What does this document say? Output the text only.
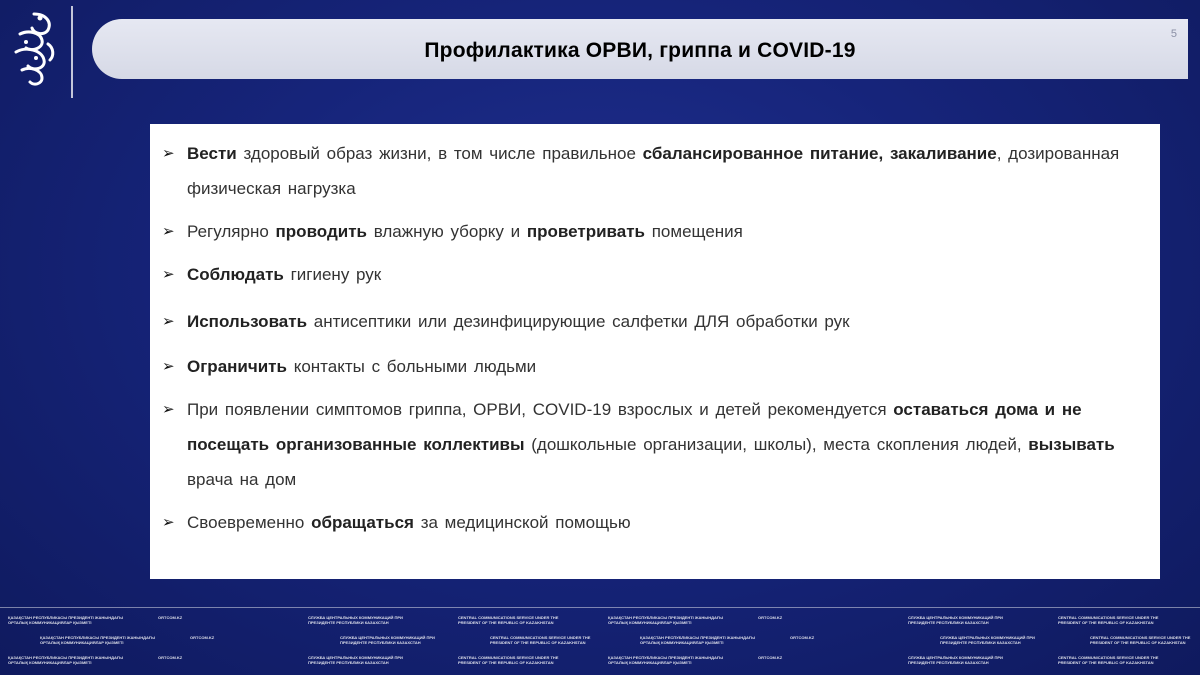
Профилактика ОРВИ, гриппа и COVID-19
5
➢ Вести здоровый образ жизни, в том числе правильное сбалансированное питание, закаливание, дозированная физическая нагрузка
➢ Регулярно проводить влажную уборку и проветривать помещения
➢ Соблюдать гигиену рук
➢ Использовать антисептики или дезинфицирующие салфетки ДЛЯ обработки рук
➢ Ограничить контакты с больными людьми
➢ При появлении симптомов гриппа, ОРВИ, COVID-19 взрослых и детей рекомендуется оставаться дома и не посещать организованные коллективы (дошкольные организации, школы), места скопления людей, вызывать врача на дом
➢ Своевременно обращаться за медицинской помощью
ҚАЗАҚСТАН РЕСПУБЛИКАСЫ ПРЕЗИДЕНТІ ЖАНЫНДАҒЫ ОРТАЛЫҚ КОММУНИКАЦИЯЛАР ҚЫЗМЕТІ
ORTCOM.KZ	СЛУЖБА ЦЕНТРАЛЬНЫХ КОММУНИКАЦИЙ ПРИ ПРЕЗИДЕНТЕ РЕСПУБЛИКИ КАЗАХСТАН
CENTRAL COMMUNICATIONS SERVICE UNDER THE PRESIDENT OF THE REPUBLIC OF KAZAKHSTAN
ҚАЗАҚСТАН РЕСПУБЛИКАСЫ ПРЕЗИДЕНТІ ЖАНЫНДАҒЫ ОРТАЛЫҚ КОММУНИКАЦИЯЛАР ҚЫЗМЕТІ
ORTCOM.KZ	СЛУЖБА ЦЕНТРАЛЬНЫХ КОММУНИКАЦИЙ ПРИ ПРЕЗИДЕНТЕ РЕСПУБЛИКИ КАЗАХСТАН
CENTRAL COMMUNICATIONS SERVICE UNDER THE PRESIDENT OF THE REPUBLIC OF KAZAKHSTAN
ҚАЗАҚСТАН РЕСПУБЛИКАСЫ ПРЕЗИДЕНТІ ЖАНЫНДАҒЫ ОРТАЛЫҚ КОММУНИКАЦИЯЛАР ҚЫЗМЕТІ
ORTCOM.KZ	СЛУЖБА ЦЕНТРАЛЬНЫХ КОММУНИКАЦИЙ ПРИ ПРЕЗИДЕНТЕ РЕСПУБЛИКИ КАЗАХСТАН
CENTRAL COMMUNICATIONS SERVICE UNDER THE PRESIDENT OF THE REPUBLIC OF KAZAKHSTAN
ҚАЗАҚСТАН РЕСПУБЛИКАСЫ ПРЕЗИДЕНТІ ЖАНЫНДАҒЫ ОРТАЛЫҚ КОММУНИКАЦИЯЛАР ҚЫЗМЕТІ
ORTCOM.KZ	СЛУЖБА ЦЕНТРАЛЬНЫХ КОММУНИКАЦИЙ ПРИ ПРЕЗИДЕНТЕ РЕСПУБЛИКИ КАЗАХСТАН
CENTRAL COMMUNICATIONS SERVICE UNDER THE PRESIDENT OF THE REPUBLIC OF KAZAKHSTAN
ҚАЗАҚСТАН РЕСПУБЛИКАСЫ ПРЕЗИДЕНТІ ЖАНЫНДАҒЫ ОРТАЛЫҚ КОММУНИКАЦИЯЛАР ҚЫЗМЕТІ
ORTCOM.KZ	СЛУЖБА ЦЕНТРАЛЬНЫХ КОММУНИКАЦИЙ ПРИ ПРЕЗИДЕНТЕ РЕСПУБЛИКИ КАЗАХСТАН
CENTRAL COMMUNICATIONS SERVICE UNDER THE PRESIDENT OF THE REPUBLIC OF KAZAKHSTAN
ҚАЗАҚСТАН РЕСПУБЛИКАСЫ ПРЕЗИДЕНТІ ЖАНЫНДАҒЫ ОРТАЛЫҚ КОММУНИКАЦИЯЛАР ҚЫЗМЕТІ
ORTCOM.KZ	СЛУЖБА ЦЕНТРАЛЬНЫХ КОММУНИКАЦИЙ ПРИ ПРЕЗИДЕНТЕ РЕСПУБЛИКИ КАЗАХСТАН
CENTRAL COMMUNICATIONS SERVICE UNDER THE PRESIDENT OF THE REPUBLIC OF KAZAKHSTAN
